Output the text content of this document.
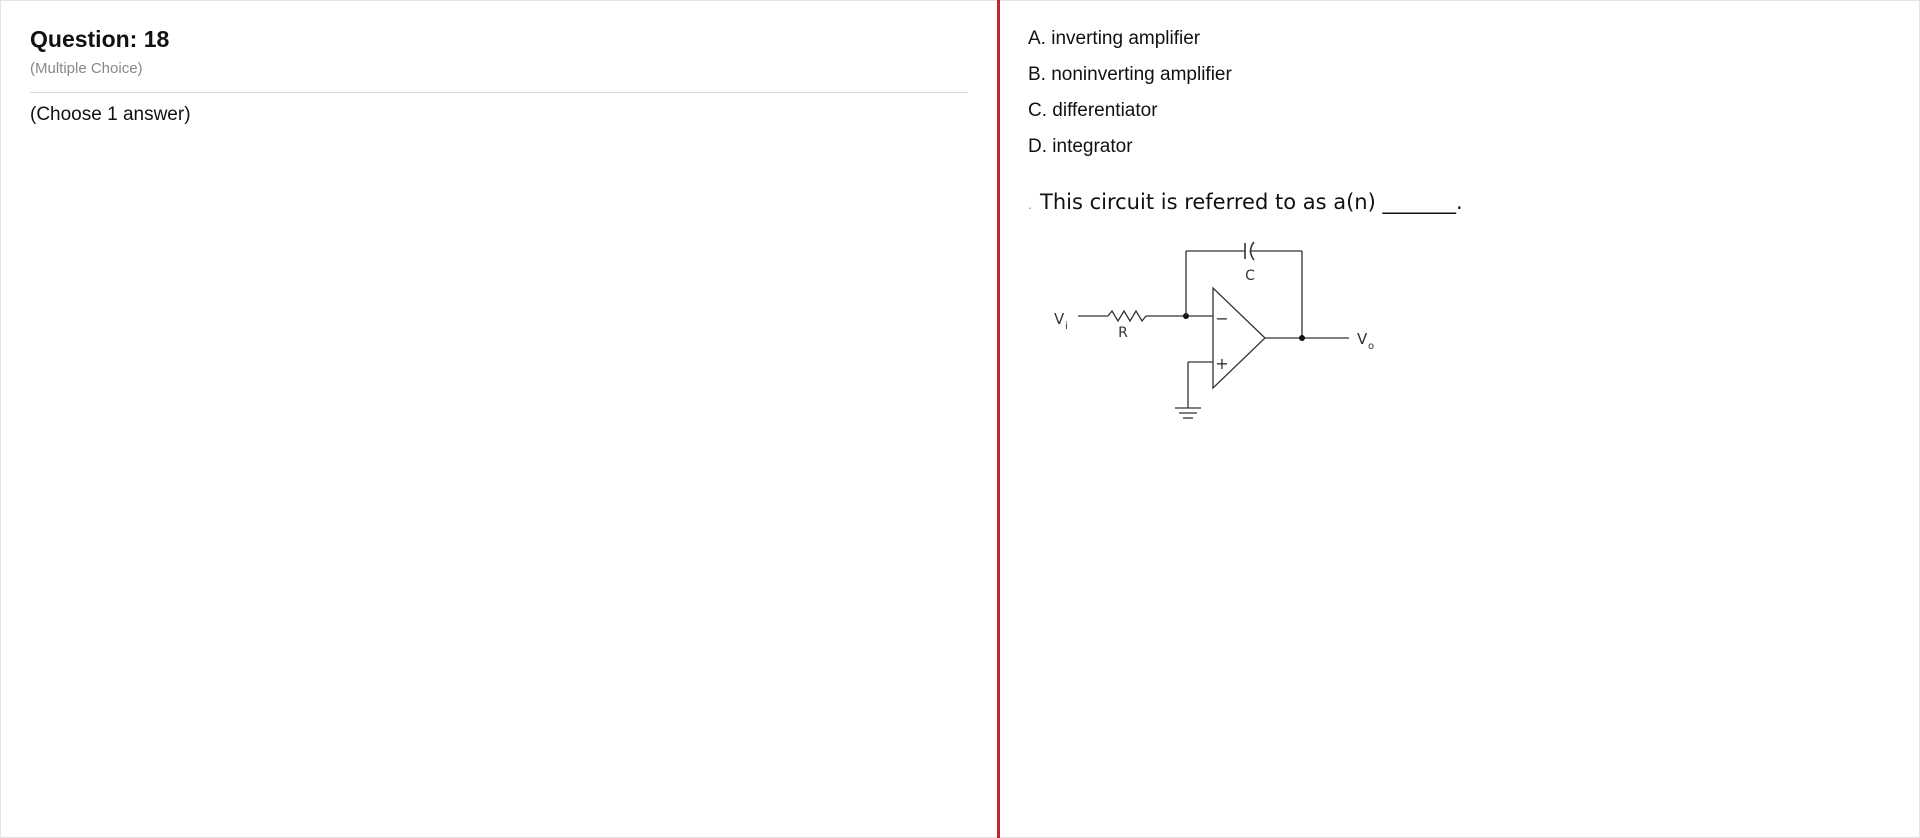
Question: 18
(Multiple Choice)
(Choose 1 answer)
A. inverting amplifier
B. noninverting amplifier
C. differentiator
D. integrator
. This circuit is referred to as a(n) _______.
V i	R
C
−
+
V o
